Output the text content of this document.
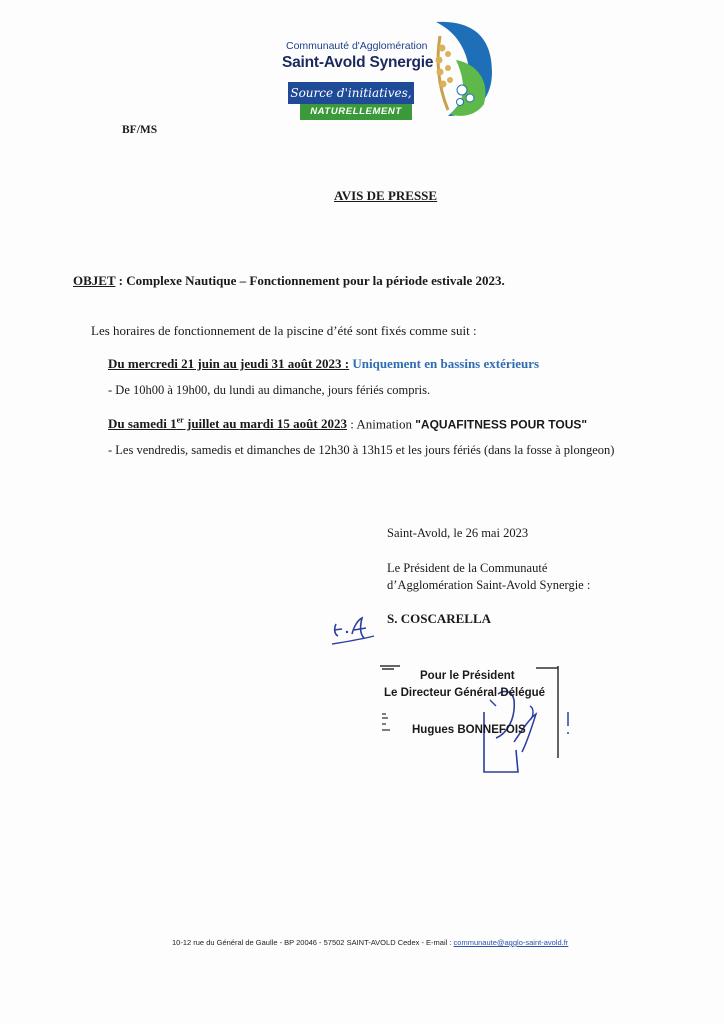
Communauté d'Agglomération
Saint-Avold Synergie
Source d'initiatives,
NATURELLEMENT
BF/MS
AVIS DE PRESSE
OBJET : Complexe Nautique – Fonctionnement pour la période estivale 2023.
Les horaires de fonctionnement de la piscine d’été sont fixés comme suit :
Du mercredi 21 juin au jeudi 31 août 2023 : Uniquement en bassins extérieurs
- De 10h00 à 19h00, du lundi au dimanche, jours fériés compris.
Du samedi 1er juillet au mardi 15 août 2023 : Animation "AQUAFITNESS POUR TOUS"
- Les vendredis, samedis et dimanches de 12h30 à 13h15 et les jours fériés (dans la fosse à plongeon)
Saint-Avold, le 26 mai 2023
Le Président de la Communauté
d’Agglomération Saint-Avold Synergie :
S. COSCARELLA
Pour le Président
Le Directeur Général Délégué
Hugues BONNEFOIS
10-12 rue du Général de Gaulle - BP 20046 - 57502 SAINT-AVOLD Cedex - E-mail : communaute@agglo-saint-avold.fr
